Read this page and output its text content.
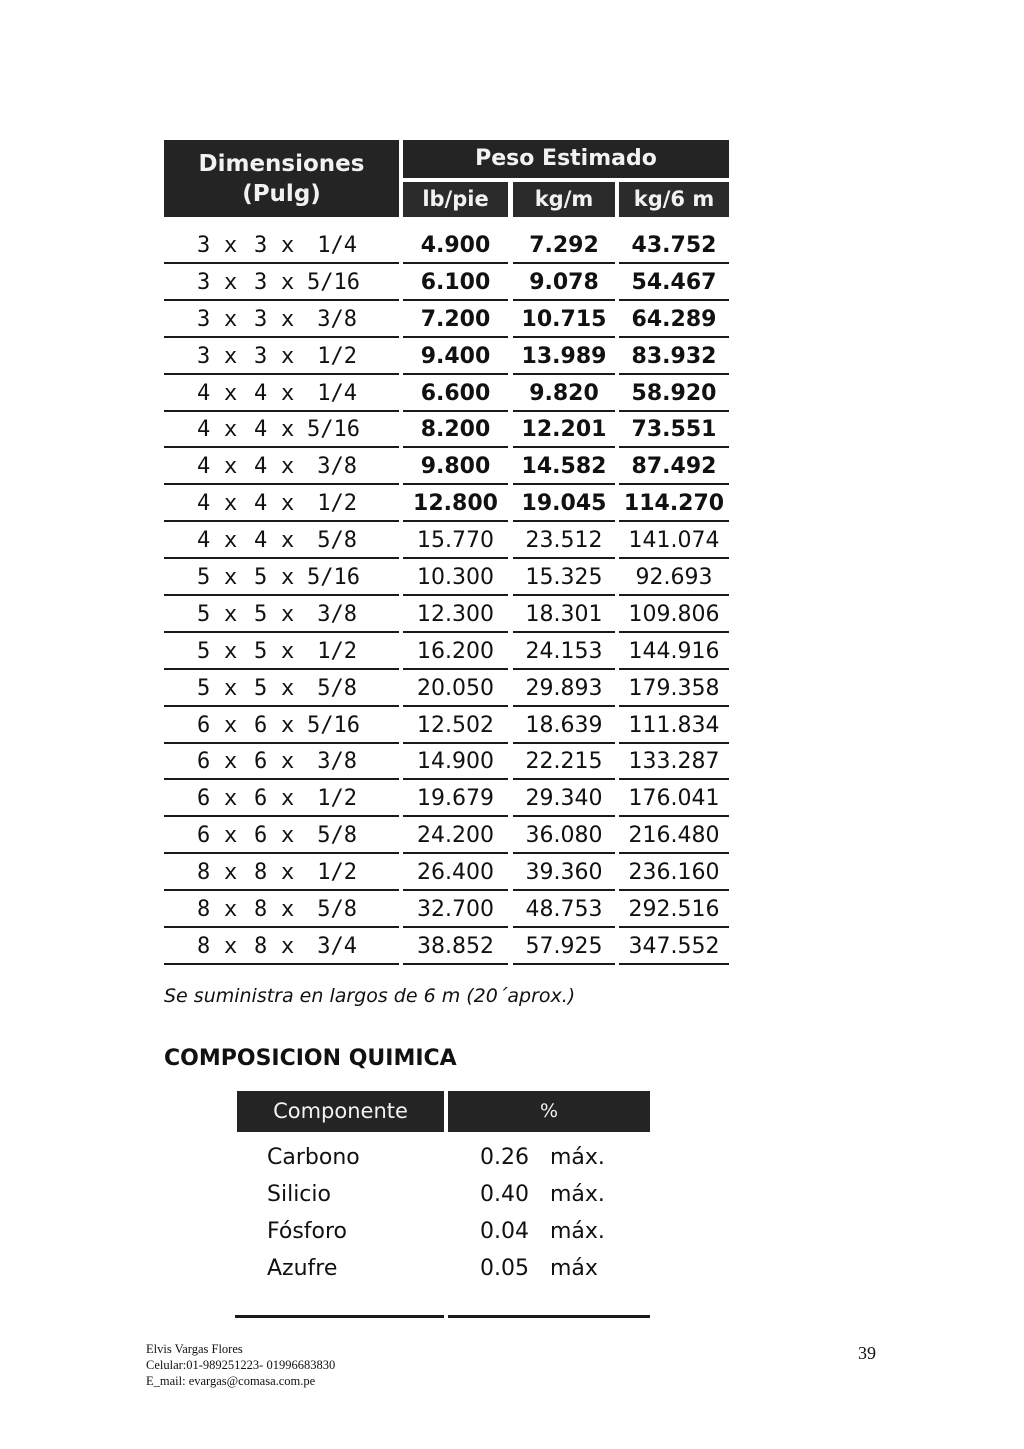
Dimensiones
(Pulg)
Peso Estimado
lb/pie	kg/m	kg/6 m
3 x 3 x	1/4	4.900	7.292	43.752
3 x 3 x 5/16	6.100	9.078	54.467
3 x 3 x	3/8	7.200	10.715	64.289
3 x 3 x	1/2	9.400	13.989	83.932
4 x 4 x	1/4	6.600	9.820	58.920
4 x 4 x 5/16	8.200	12.201	73.551
4 x 4 x	3/8	9.800	14.582	87.492
4 x 4 x	1/2	12.800	19.045 114.270
4 x 4 x	5/8	15.770	23.512	141.074
5 x 5 x 5/16	10.300	15.325	92.693
5 x 5 x	3/8	12.300	18.301	109.806
5 x 5 x	1/2	16.200	24.153	144.916
5 x 5 x	5/8	20.050	29.893	179.358
6 x 6 x 5/16	12.502	18.639	111.834
6 x 6 x	3/8	14.900	22.215	133.287
6 x 6 x	1/2	19.679	29.340	176.041
6 x 6 x	5/8	24.200	36.080	216.480
8 x 8 x	1/2	26.400	39.360	236.160
8 x 8 x	5/8	32.700	48.753	292.516
8 x 8 x	3/4	38.852	57.925	347.552
Se suministra en largos de 6 m (20´aprox.)
COMPOSICION QUIMICA
Componente	%
Carbono	0.26 máx.
Silicio	0.40 máx.
Fósforo	0.04 máx.
Azufre	0.05 máx
Elvis Vargas Flores
Celular:01-989251223- 01996683830
E_mail: evargas@comasa.com.pe
39
